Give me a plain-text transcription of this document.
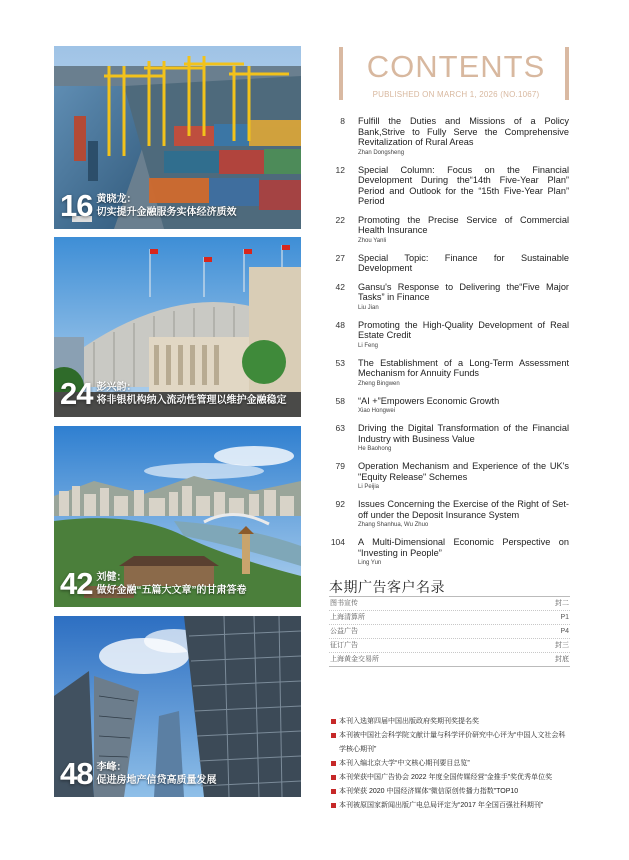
16 黄晓龙：
切实提升金融服务实体经济质效
24 彭兴韵：
将非银机构纳入流动性管理以维护金融稳定
42 刘健：
做好金融“五篇大文章”的甘肃答卷
48 李峰：
促进房地产信贷高质量发展
CONTENTS
PUBLISHED ON MARCH 1, 2026 (NO.1067)
8 Fulfill the Duties and Missions of a Policy Bank,Strive to Fully Serve the Comprehensive Revitalization of Rural Areas
Zhan Dongsheng
12 Special Column: Focus on the Financial Development During the“14th Five-Year Plan” Period and Outlook for the “15th Five-Year Plan” Period
22 Promoting the Precise Service of Commercial Health Insurance
Zhou Yanli
27 Special Topic: Finance for Sustainable Development
42 Gansu's Response to Delivering the“Five Major Tasks” in Finance
Liu Jian
48 Promoting the High-Quality Development of Real Estate Credit
Li Feng
53 The Establishment of a Long-Term Assessment Mechanism for Annuity Funds
Zheng Bingwen
58 “AI +”Empowers Economic Growth
Xiao Hongwei
63 Driving the Digital Transformation of the Financial Industry with Business Value
He Baohong
79 Operation Mechanism and Experience of the UK's "Equity Release" Schemes
Li Peijia
92 Issues Concerning the Exercise of the Right of Set-off under the Deposit Insurance System
Zhang Shanhua, Wu Zhuo
104 A Multi-Dimensional Economic Perspective on “Investing in People”
Ling Yun
本期广告客户名录
图书宣传	封二
上海清算所	P1
公益广告	P4
征订广告	封三
上海黄金交易所	封底
本刊入选第四届中国出版政府奖期刊奖提名奖
本刊被中国社会科学院文献计量与科学评价研究中心评为“中国人文社会科学核心期刊”
本刊入编北京大学“中文核心期刊要目总览”
本刊荣获中国广告协会 2022 年度全国传媒经营“金推手”奖优秀单位奖
本刊荣获 2020 中国经济媒体“微信原创传播力指数”TOP10
本刊被原国家新闻出版广电总局评定为“2017 年全国百强社科期刊”
